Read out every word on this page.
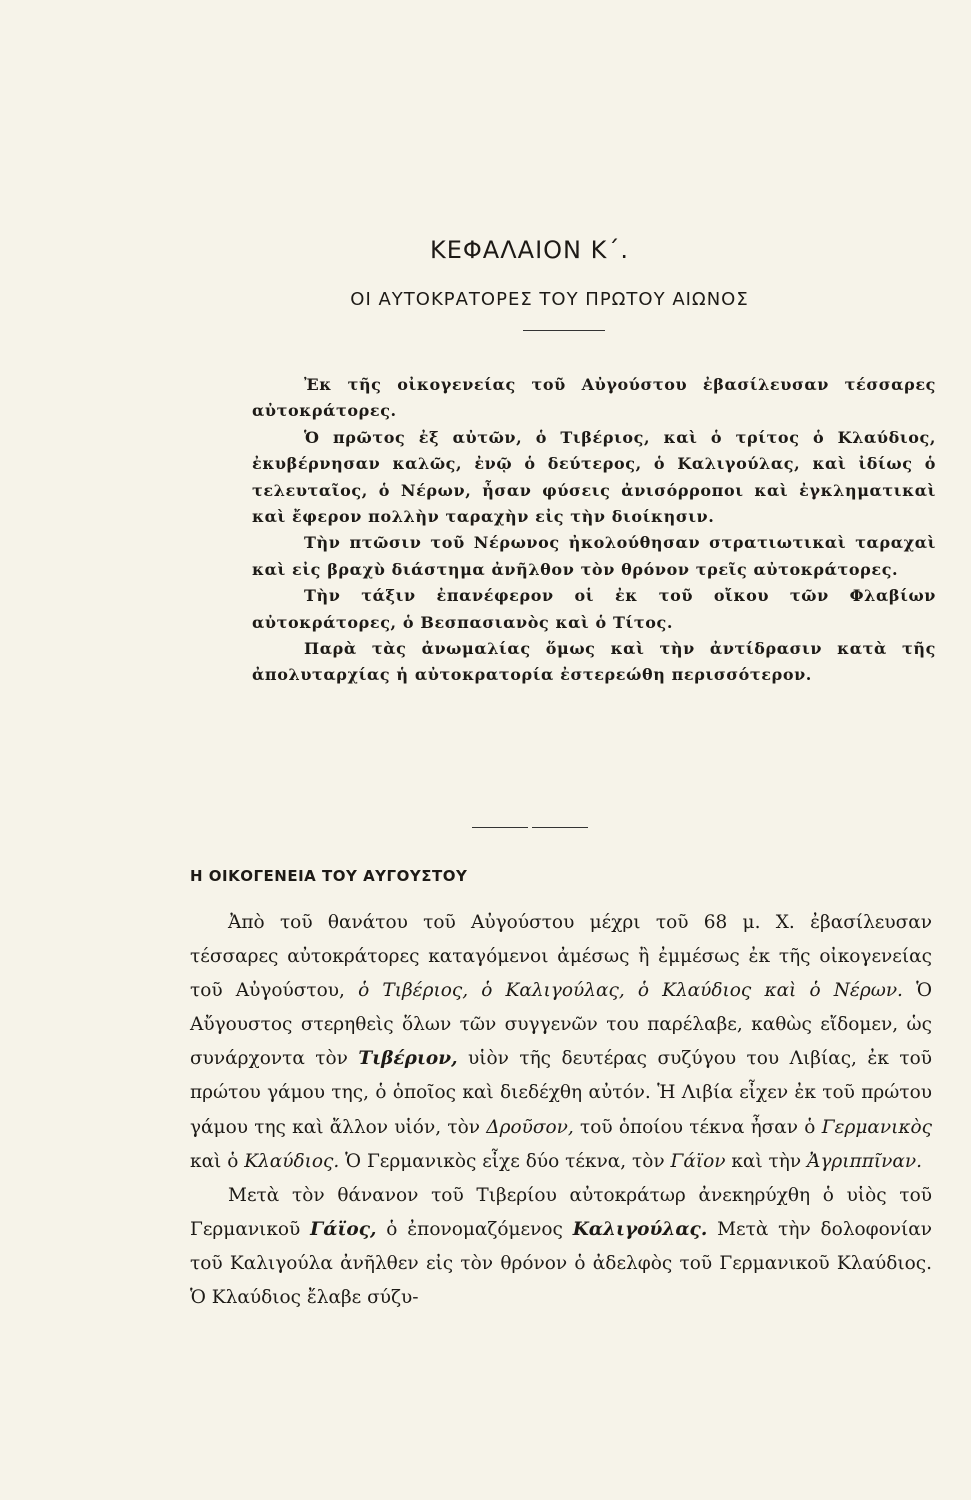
ΚΕΦΑΛΑΙΟΝ Κ΄.
ΟΙ ΑΥΤΟΚΡΑΤΟΡΕΣ ΤΟΥ ΠΡΩΤΟΥ ΑΙΩΝΟΣ

Ἐκ τῆς οἰκογενείας τοῦ Αὐγούστου ἐβασίλευσαν τέσσαρες αὐτοκράτορες.

Ὁ πρῶτος ἐξ αὐτῶν, ὁ Τιβέριος, καὶ ὁ τρίτος ὁ Κλαύδιος, ἐκυβέρνησαν καλῶς, ἐνῷ ὁ δεύτερος, ὁ Καλιγούλας, καὶ ἰδίως ὁ τελευταῖος, ὁ Νέρων, ἦσαν φύσεις ἀνισόρροποι καὶ ἐγκληματικαὶ καὶ ἔφερον πολλὴν ταραχὴν εἰς τὴν διοίκησιν.

Τὴν πτῶσιν τοῦ Νέρωνος ἠκολούθησαν στρατιωτικαὶ ταραχαὶ καὶ εἰς βραχὺ διάστημα ἀνῆλθον τὸν θρόνον τρεῖς αὐτοκράτορες.

Τὴν τάξιν ἐπανέφερον οἱ ἐκ τοῦ οἴκου τῶν Φλαβίων αὐτοκράτορες, ὁ Βεσπασιανὸς καὶ ὁ Τίτος.

Παρὰ τὰς ἀνωμαλίας ὅμως καὶ τὴν ἀντίδρασιν κατὰ τῆς ἀπολυταρχίας ἡ αὐτοκρατορία ἐστερεώθη περισσότερον.

Η ΟΙΚΟΓΕΝΕΙΑ ΤΟΥ ΑΥΓΟΥΣΤΟΥ

Ἀπὸ τοῦ θανάτου τοῦ Αὐγούστου μέχρι τοῦ 68 μ. Χ. ἐβασίλευσαν τέσσαρες αὐτοκράτορες καταγόμενοι ἀμέσως ἢ ἐμμέσως ἐκ τῆς οἰκογενείας τοῦ Αὐγούστου, ὁ Τιβέριος, ὁ Καλιγούλας, ὁ Κλαύδιος καὶ ὁ Νέρων. Ὁ Αὔγουστος στερηθεὶς ὅλων τῶν συγγενῶν του παρέλαβε, καθὼς εἴδομεν, ὡς συνάρχοντα τὸν Τιβέριον, υἱὸν τῆς δευτέρας συζύγου του Λιβίας, ἐκ τοῦ πρώτου γάμου της, ὁ ὁποῖος καὶ διεδέχθη αὐτόν. Ἡ Λιβία εἶχεν ἐκ τοῦ πρώτου γάμου της καὶ ἄλλον υἱόν, τὸν Δροῦσον, τοῦ ὁποίου τέκνα ἦσαν ὁ Γερμανικὸς καὶ ὁ Κλαύδιος. Ὁ Γερμανικὸς εἶχε δύο τέκνα, τὸν Γάϊον καὶ τὴν Ἀγριππῖναν.

Μετὰ τὸν θάνανον τοῦ Τιβερίου αὐτοκράτωρ ἀνεκηρύχθη ὁ υἱὸς τοῦ Γερμανικοῦ Γάϊος, ὁ ἐπονομαζόμενος Καλιγούλας. Μετὰ τὴν δολοφονίαν τοῦ Καλιγούλα ἀνῆλθεν εἰς τὸν θρόνον ὁ ἀδελφὸς τοῦ Γερμανικοῦ Κλαύδιος. Ὁ Κλαύδιος ἔλαβε σύζυ-
